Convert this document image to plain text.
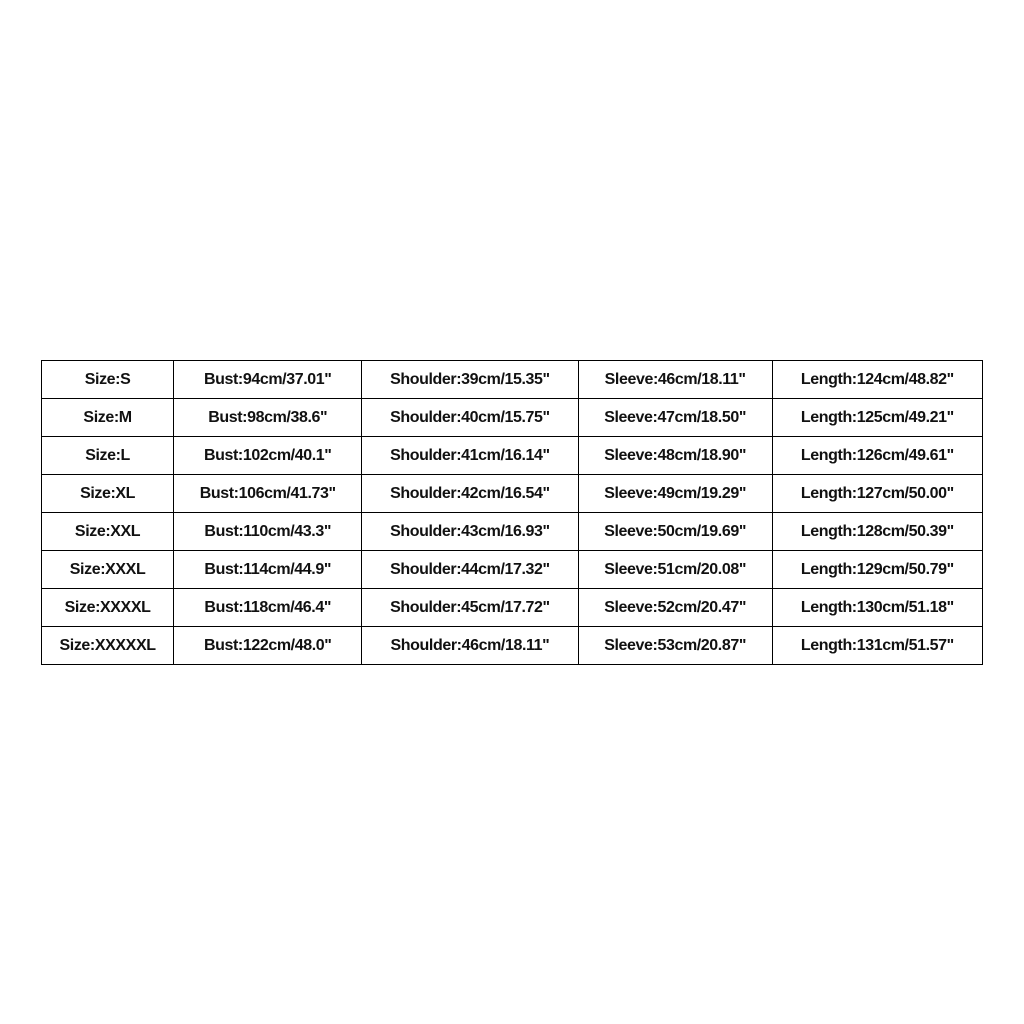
Size:S	Bust:94cm/37.01"	Shoulder:39cm/15.35"	Sleeve:46cm/18.11"	Length:124cm/48.82"
Size:M	Bust:98cm/38.6"	Shoulder:40cm/15.75"	Sleeve:47cm/18.50"	Length:125cm/49.21"
Size:L	Bust:102cm/40.1"	Shoulder:41cm/16.14"	Sleeve:48cm/18.90"	Length:126cm/49.61"
Size:XL	Bust:106cm/41.73"	Shoulder:42cm/16.54"	Sleeve:49cm/19.29"	Length:127cm/50.00"
Size:XXL	Bust:110cm/43.3"	Shoulder:43cm/16.93"	Sleeve:50cm/19.69"	Length:128cm/50.39"
Size:XXXL	Bust:114cm/44.9"	Shoulder:44cm/17.32"	Sleeve:51cm/20.08"	Length:129cm/50.79"
Size:XXXXL	Bust:118cm/46.4"	Shoulder:45cm/17.72"	Sleeve:52cm/20.47"	Length:130cm/51.18"
Size:XXXXXL	Bust:122cm/48.0"	Shoulder:46cm/18.11"	Sleeve:53cm/20.87"	Length:131cm/51.57"
